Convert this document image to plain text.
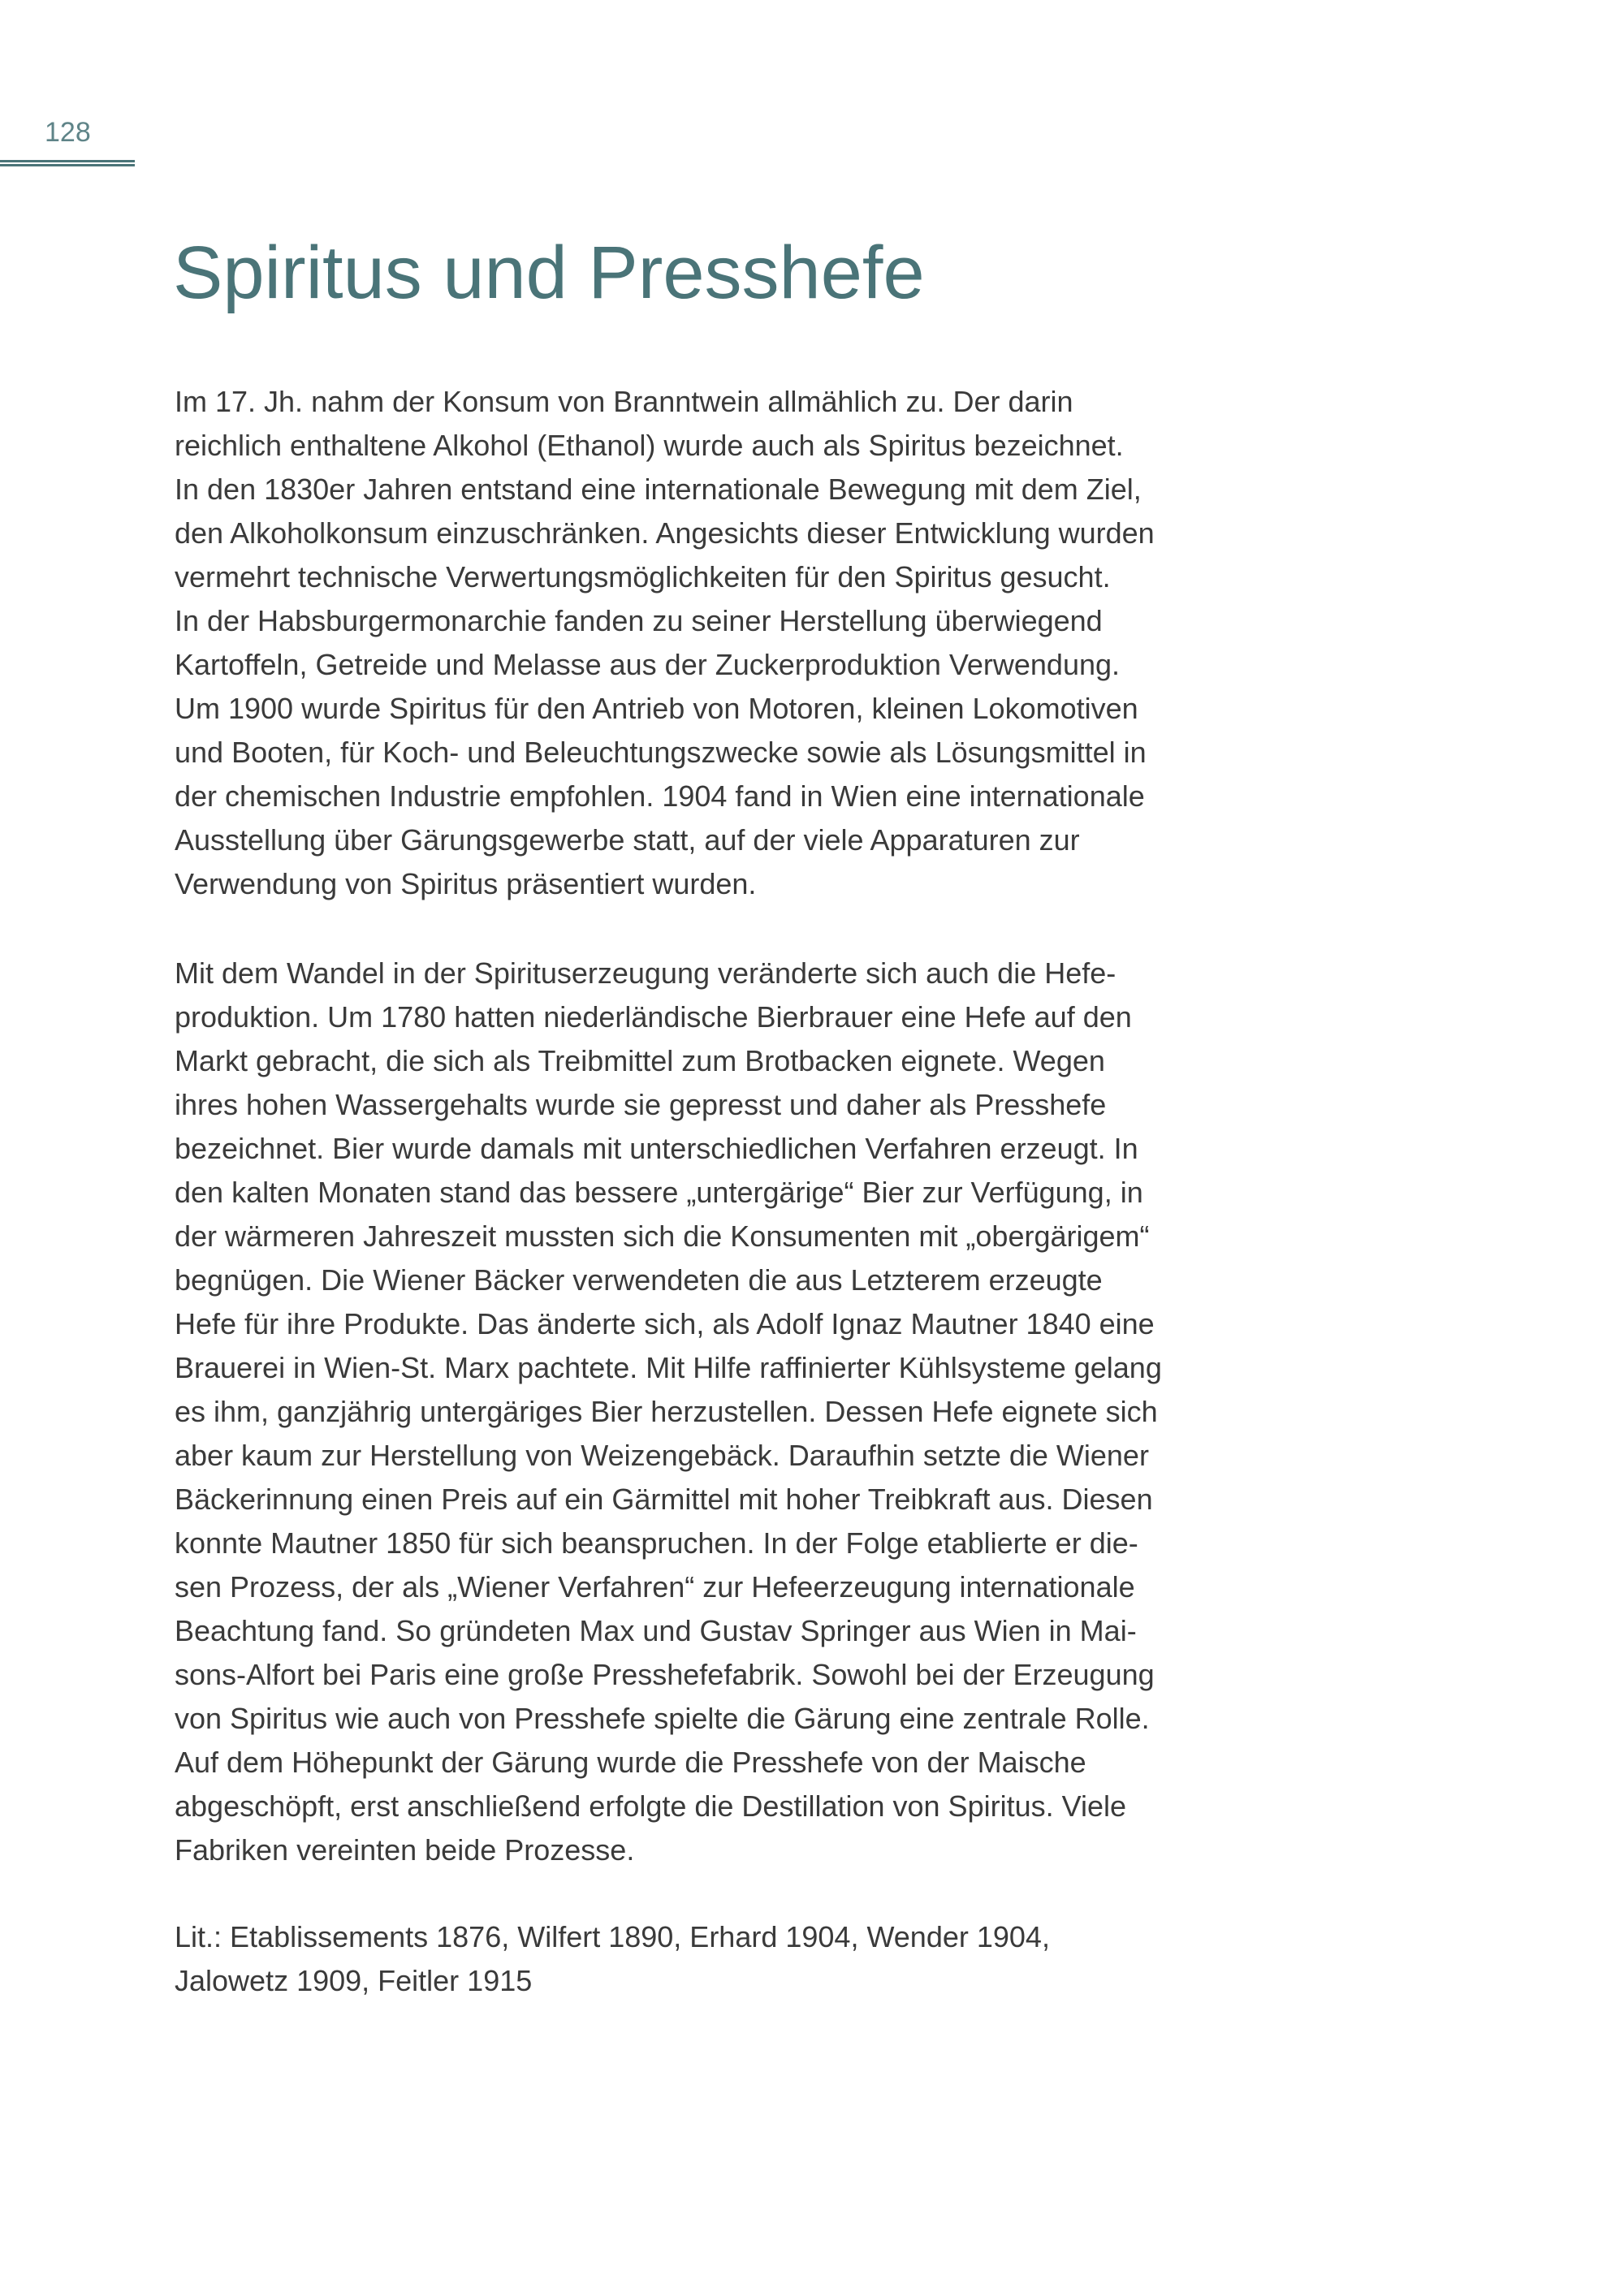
128
Spiritus und Presshefe
Im 17. Jh. nahm der Konsum von Branntwein allmählich zu. Der darin
reichlich enthaltene Alkohol (Ethanol) wurde auch als Spiritus bezeichnet.
In den 1830er Jahren entstand eine internationale Bewegung mit dem Ziel,
den Alkoholkonsum einzuschränken. Angesichts dieser Entwicklung wurden
vermehrt technische Verwertungsmöglichkeiten für den Spiritus gesucht.
In der Habsburgermonarchie fanden zu seiner Herstellung überwiegend
Kartoffeln, Getreide und Melasse aus der Zuckerproduktion Verwendung.
Um 1900 wurde Spiritus für den Antrieb von Motoren, kleinen Lokomotiven
und Booten, für Koch- und Beleuchtungszwecke sowie als Lösungsmittel in
der chemischen Industrie empfohlen. 1904 fand in Wien eine internationale
Ausstellung über Gärungsgewerbe statt, auf der viele Apparaturen zur
Verwendung von Spiritus präsentiert wurden.
Mit dem Wandel in der Spirituserzeugung veränderte sich auch die Hefe-
produktion. Um 1780 hatten niederländische Bierbrauer eine Hefe auf den
Markt gebracht, die sich als Treibmittel zum Brotbacken eignete. Wegen
ihres hohen Wassergehalts wurde sie gepresst und daher als Presshefe
bezeichnet. Bier wurde damals mit unterschiedlichen Verfahren erzeugt. In
den kalten Monaten stand das bessere „untergärige“ Bier zur Verfügung, in
der wärmeren Jahreszeit mussten sich die Konsumenten mit „obergärigem“
begnügen. Die Wiener Bäcker verwendeten die aus Letzterem erzeugte
Hefe für ihre Produkte. Das änderte sich, als Adolf Ignaz Mautner 1840 eine
Brauerei in Wien-St. Marx pachtete. Mit Hilfe raffinierter Kühlsysteme gelang
es ihm, ganzjährig untergäriges Bier herzustellen. Dessen Hefe eignete sich
aber kaum zur Herstellung von Weizengebäck. Daraufhin setzte die Wiener
Bäckerinnung einen Preis auf ein Gärmittel mit hoher Treibkraft aus. Diesen
konnte Mautner 1850 für sich beanspruchen. In der Folge etablierte er die-
sen Prozess, der als „Wiener Verfahren“ zur Hefeerzeugung internationale
Beachtung fand. So gründeten Max und Gustav Springer aus Wien in Mai-
sons-Alfort bei Paris eine große Presshefefabrik. Sowohl bei der Erzeugung
von Spiritus wie auch von Presshefe spielte die Gärung eine zentrale Rolle.
Auf dem Höhepunkt der Gärung wurde die Presshefe von der Maische
abgeschöpft, erst anschließend erfolgte die Destillation von Spiritus. Viele
Fabriken vereinten beide Prozesse.
Lit.: Etablissements 1876, Wilfert 1890, Erhard 1904, Wender 1904,
Jalowetz 1909, Feitler 1915
